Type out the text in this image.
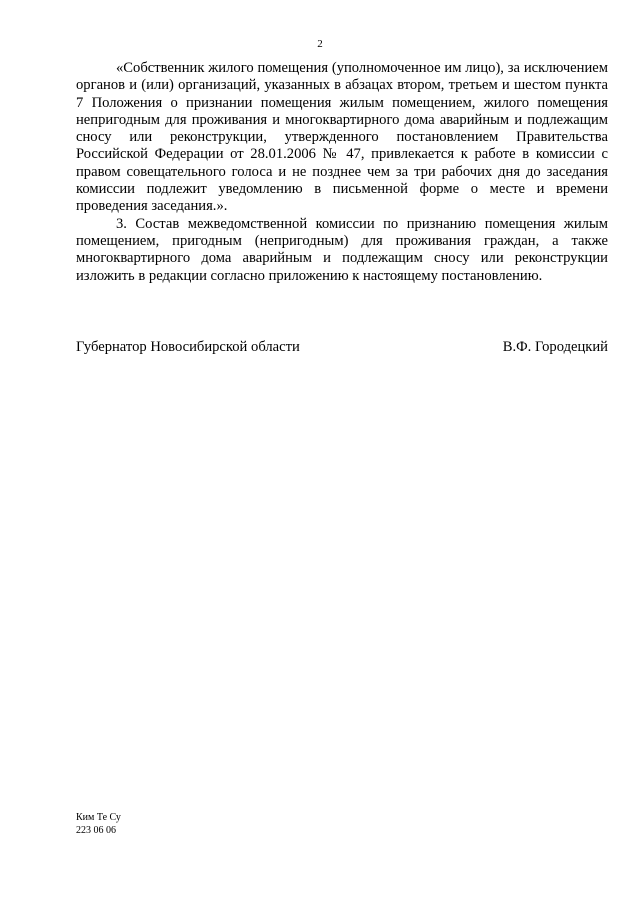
2

«Собственник жилого помещения (уполномоченное им лицо), за исключением органов и (или) организаций, указанных в абзацах втором, третьем и шестом пункта 7 Положения о признании помещения жилым помещением, жилого помещения непригодным для проживания и многоквартирного дома аварийным и подлежащим сносу или реконструкции, утвержденного постановлением Правительства Российской Федерации от 28.01.2006 № 47, привлекается к работе в комиссии с правом совещательного голоса и не позднее чем за три рабочих дня до заседания комиссии подлежит уведомлению в письменной форме о месте и времени проведения заседания.».

3. Состав межведомственной комиссии по признанию помещения жилым помещением, пригодным (непригодным) для проживания граждан, а также многоквартирного дома аварийным и подлежащим сносу или реконструкции изложить в редакции согласно приложению к настоящему постановлению.

Губернатор Новосибирской области	В.Ф. Городецкий
Ким Те Су
223 06 06
